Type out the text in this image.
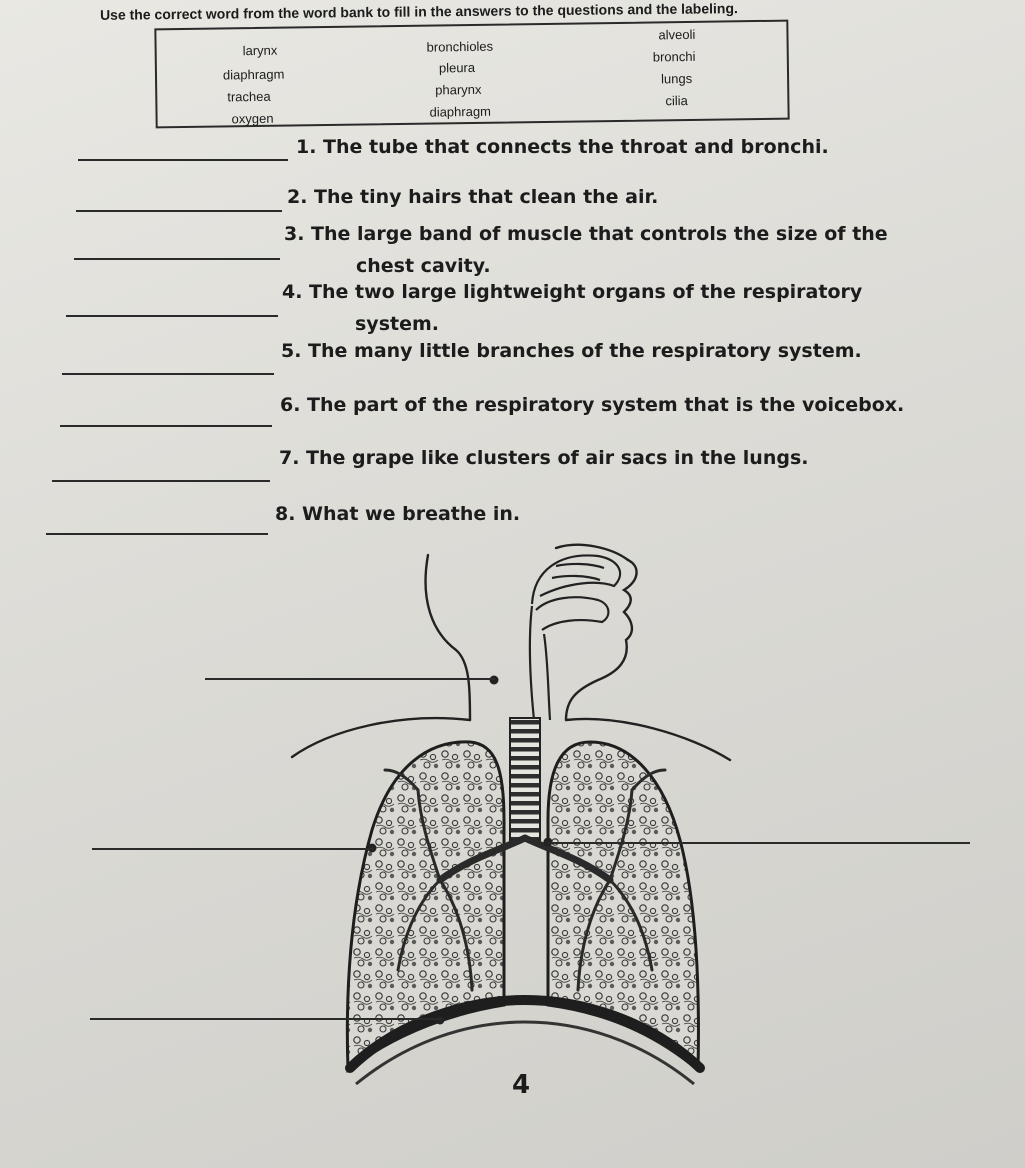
Use the correct word from the word bank to fill in the answers to the questions and the labeling.
larynx
diaphragm
trachea
oxygen
bronchioles
pleura
pharynx
diaphragm
alveoli
bronchi
lungs
cilia
1. The tube that connects the throat and bronchi.
2. The tiny hairs that clean the air.
3. The large band of muscle that controls the size of the
chest cavity.
4. The two large lightweight organs of the respiratory
system.
5. The many little branches of the respiratory system.
6. The part of the respiratory system that is the voicebox.
7. The grape like clusters of air sacs in the lungs.
8. What we breathe in.
4
